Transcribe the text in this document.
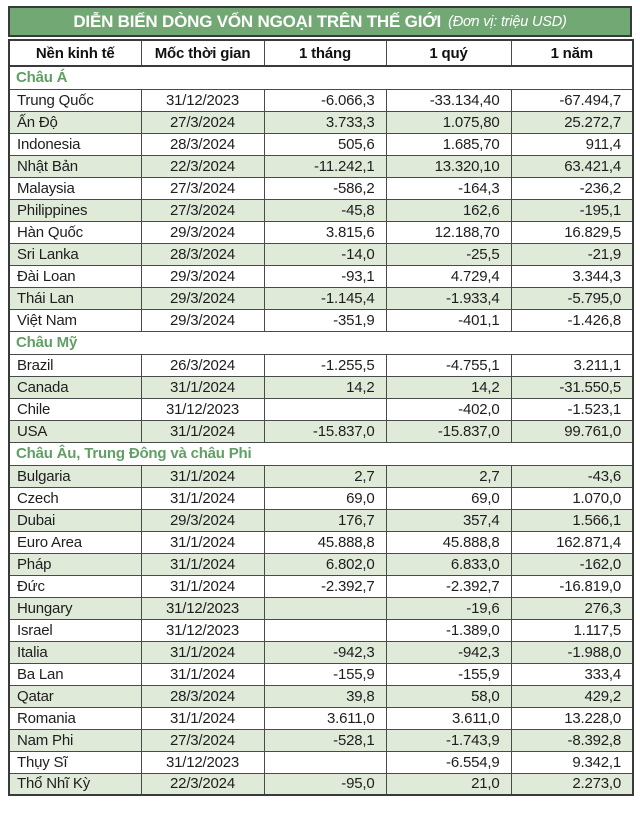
DIỄN BIẾN DÒNG VỐN NGOẠI TRÊN THẾ GIỚI (Đơn vị: triệu USD)
Nền kinh tế	Mốc thời gian	1 tháng	1 quý	1 năm
Châu Á				
Trung Quốc	31/12/2023	-6.066,3	-33.134,40	-67.494,7
Ấn Độ	27/3/2024	3.733,3	1.075,80	25.272,7
Indonesia	28/3/2024	505,6	1.685,70	911,4
Nhật Bản	22/3/2024	-11.242,1	13.320,10	63.421,4
Malaysia	27/3/2024	-586,2	-164,3	-236,2
Philippines	27/3/2024	-45,8	162,6	-195,1
Hàn Quốc	29/3/2024	3.815,6	12.188,70	16.829,5
Sri Lanka	28/3/2024	-14,0	-25,5	-21,9
Đài Loan	29/3/2024	-93,1	4.729,4	3.344,3
Thái Lan	29/3/2024	-1.145,4	-1.933,4	-5.795,0
Việt Nam	29/3/2024	-351,9	-401,1	-1.426,8
Châu Mỹ				
Brazil	26/3/2024	-1.255,5	-4.755,1	3.211,1
Canada	31/1/2024	14,2	14,2	-31.550,5
Chile	31/12/2023		-402,0	-1.523,1
USA	31/1/2024	-15.837,0	-15.837,0	99.761,0
Châu Âu, Trung Đông và châu Phi				
Bulgaria	31/1/2024	2,7	2,7	-43,6
Czech	31/1/2024	69,0	69,0	1.070,0
Dubai	29/3/2024	176,7	357,4	1.566,1
Euro Area	31/1/2024	45.888,8	45.888,8	162.871,4
Pháp	31/1/2024	6.802,0	6.833,0	-162,0
Đức	31/1/2024	-2.392,7	-2.392,7	-16.819,0
Hungary	31/12/2023		-19,6	276,3
Israel	31/12/2023		-1.389,0	1.117,5
Italia	31/1/2024	-942,3	-942,3	-1.988,0
Ba Lan	31/1/2024	-155,9	-155,9	333,4
Qatar	28/3/2024	39,8	58,0	429,2
Romania	31/1/2024	3.611,0	3.611,0	13.228,0
Nam Phi	27/3/2024	-528,1	-1.743,9	-8.392,8
Thụy Sĩ	31/12/2023		-6.554,9	9.342,1
Thổ Nhĩ Kỳ	22/3/2024	-95,0	21,0	2.273,0
